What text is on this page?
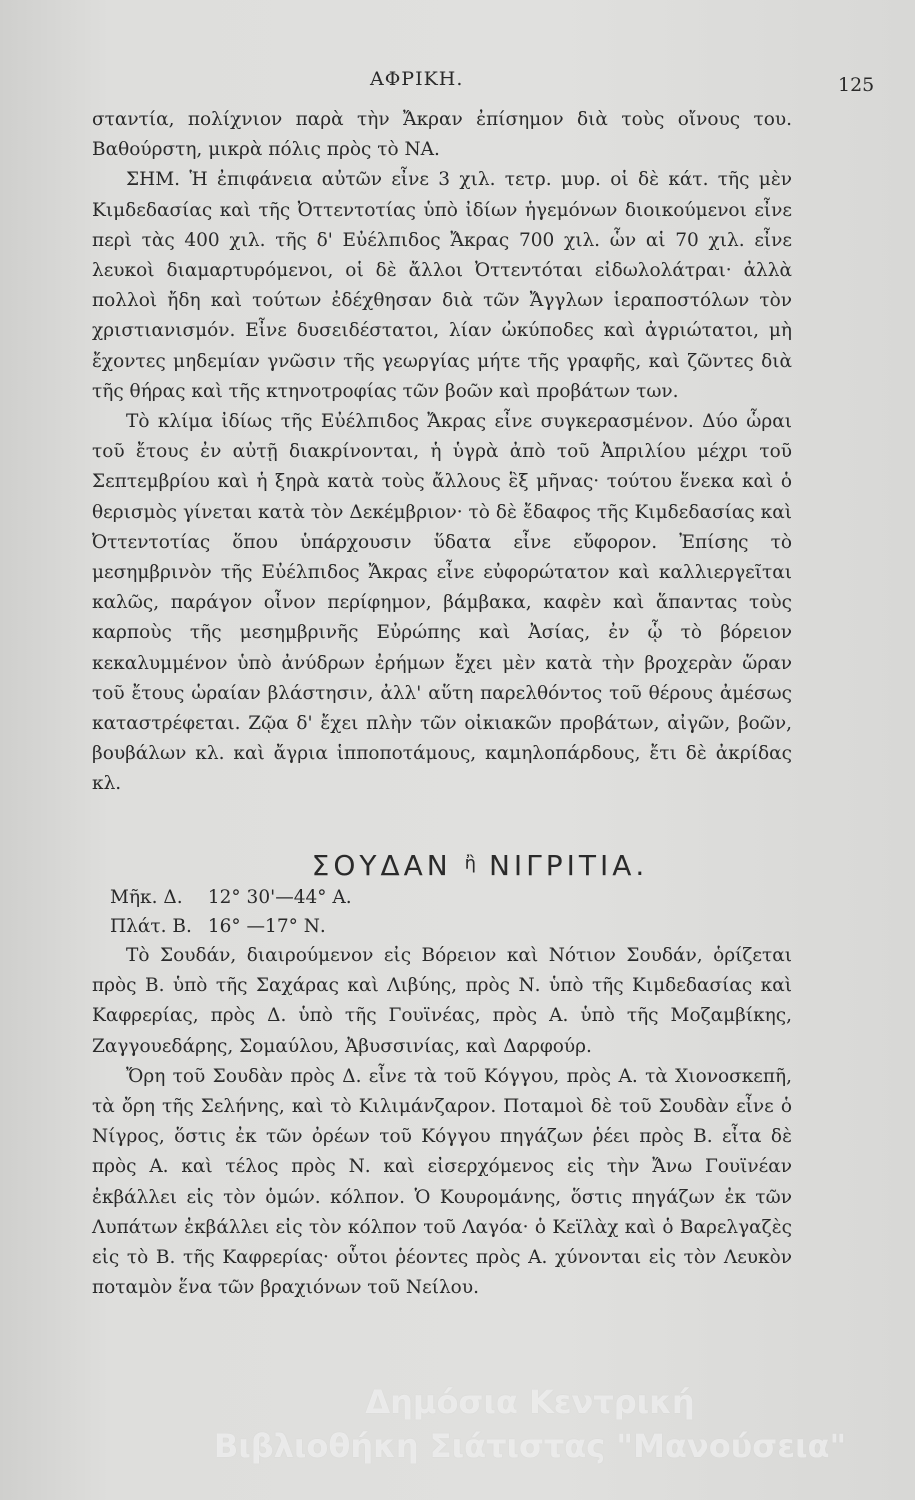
ΑΦΡΙΚΗ.	125

σταντία, πολίχνιον παρὰ τὴν Ἄκραν ἐπίσημον διὰ τοὺς οἴνους του. Βαθούρστη, μικρὰ πόλις πρὸς τὸ ΝΑ.

ΣΗΜ. Ἡ ἐπιφάνεια αὐτῶν εἶνε 3 χιλ. τετρ. μυρ. οἱ δὲ κάτ. τῆς μὲν Κιμδεδασίας καὶ τῆς Ὀττεντοτίας ὑπὸ ἰδίων ἡγεμόνων διοικούμενοι εἶνε περὶ τὰς 400 χιλ. τῆς δ' Εὐέλπιδος Ἄκρας 700 χιλ. ὧν αἱ 70 χιλ. εἶνε λευκοὶ διαμαρτυρόμενοι, οἱ δὲ ἄλλοι Ὀττεντόται εἰδωλολάτραι· ἀλλὰ πολλοὶ ἤδη καὶ τούτων ἐδέχθησαν διὰ τῶν Ἄγγλων ἱεραποστόλων τὸν χριστιανισμόν. Εἶνε δυσειδέστατοι, λίαν ὠκύποδες καὶ ἀγριώτατοι, μὴ ἔχοντες μηδεμίαν γνῶσιν τῆς γεωργίας μήτε τῆς γραφῆς, καὶ ζῶντες διὰ τῆς θήρας καὶ τῆς κτηνοτροφίας τῶν βοῶν καὶ προβάτων των.

Τὸ κλίμα ἰδίως τῆς Εὐέλπιδος Ἄκρας εἶνε συγκερασμένον. Δύο ὧραι τοῦ ἔτους ἐν αὐτῇ διακρίνονται, ἡ ὑγρὰ ἀπὸ τοῦ Ἀπριλίου μέχρι τοῦ Σεπτεμβρίου καὶ ἡ ξηρὰ κατὰ τοὺς ἄλλους ἓξ μῆνας· τούτου ἕνεκα καὶ ὁ θερισμὸς γίνεται κατὰ τὸν Δεκέμβριον· τὸ δὲ ἔδαφος τῆς Κιμδεδασίας καὶ Ὀττεντοτίας ὅπου ὑπάρχουσιν ὕδατα εἶνε εὔφορον. Ἐπίσης τὸ μεσημβρινὸν τῆς Εὐέλπιδος Ἄκρας εἶνε εὐφορώτατον καὶ καλλιεργεῖται καλῶς, παράγον οἶνον περίφημον, βάμβακα, καφὲν καὶ ἅπαντας τοὺς καρποὺς τῆς μεσημβρινῆς Εὐρώπης καὶ Ἀσίας, ἐν ᾧ τὸ βόρειον κεκαλυμμένον ὑπὸ ἀνύδρων ἐρήμων ἔχει μὲν κατὰ τὴν βροχερὰν ὥραν τοῦ ἔτους ὡραίαν βλάστησιν, ἀλλ' αὕτη παρελθόντος τοῦ θέρους ἀμέσως καταστρέφεται. Ζῷα δ' ἔχει πλὴν τῶν οἰκιακῶν προβάτων, αἰγῶν, βοῶν, βουβάλων κλ. καὶ ἄγρια ἱπποποτάμους, καμηλοπάρδους, ἔτι δὲ ἀκρίδας κλ.

ΣΟΥΔΑΝ $^ἢ$ ΝΙΓΡΙΤΙΑ.
Μῆκ. Δ. 12° 30'—44° Α.
Πλάτ. Β. 16° —17° Ν.

Τὸ Σουδάν, διαιρούμενον εἰς Βόρειον καὶ Νότιον Σουδάν, ὁρίζεται πρὸς Β. ὑπὸ τῆς Σαχάρας καὶ Λιβύης, πρὸς Ν. ὑπὸ τῆς Κιμδεδασίας καὶ Καφρερίας, πρὸς Δ. ὑπὸ τῆς Γουϊνέας, πρὸς Α. ὑπὸ τῆς Μοζαμβίκης, Ζαγγουεδάρης, Σομαύλου, Ἀβυσσινίας, καὶ Δαρφούρ.

Ὄρη τοῦ Σουδὰν πρὸς Δ. εἶνε τὰ τοῦ Κόγγου, πρὸς Α. τὰ Χιονοσκεπῆ, τὰ ὄρη τῆς Σελήνης, καὶ τὸ Κιλιμάνζαρον. Ποταμοὶ δὲ τοῦ Σουδὰν εἶνε ὁ Νίγρος, ὅστις ἐκ τῶν ὀρέων τοῦ Κόγγου πηγάζων ῥέει πρὸς Β. εἶτα δὲ πρὸς Α. καὶ τέλος πρὸς Ν. καὶ εἰσερχόμενος εἰς τὴν Ἄνω Γουϊνέαν ἐκβάλλει εἰς τὸν ὁμών. κόλπον. Ὁ Κουρομάνης, ὅστις πηγάζων ἐκ τῶν Λυπάτων ἐκβάλλει εἰς τὸν κόλπον τοῦ Λαγόα· ὁ Κεϊλὰχ καὶ ὁ Βαρελγαζὲς εἰς τὸ Β. τῆς Καφρερίας· οὗτοι ῥέοντες πρὸς Α. χύνονται εἰς τὸν Λευκὸν ποταμὸν ἕνα τῶν βραχιόνων τοῦ Νείλου.

Δημόσια Κεντρική
Βιβλιοθήκη Σιάτιστας "Μανούσεια"
